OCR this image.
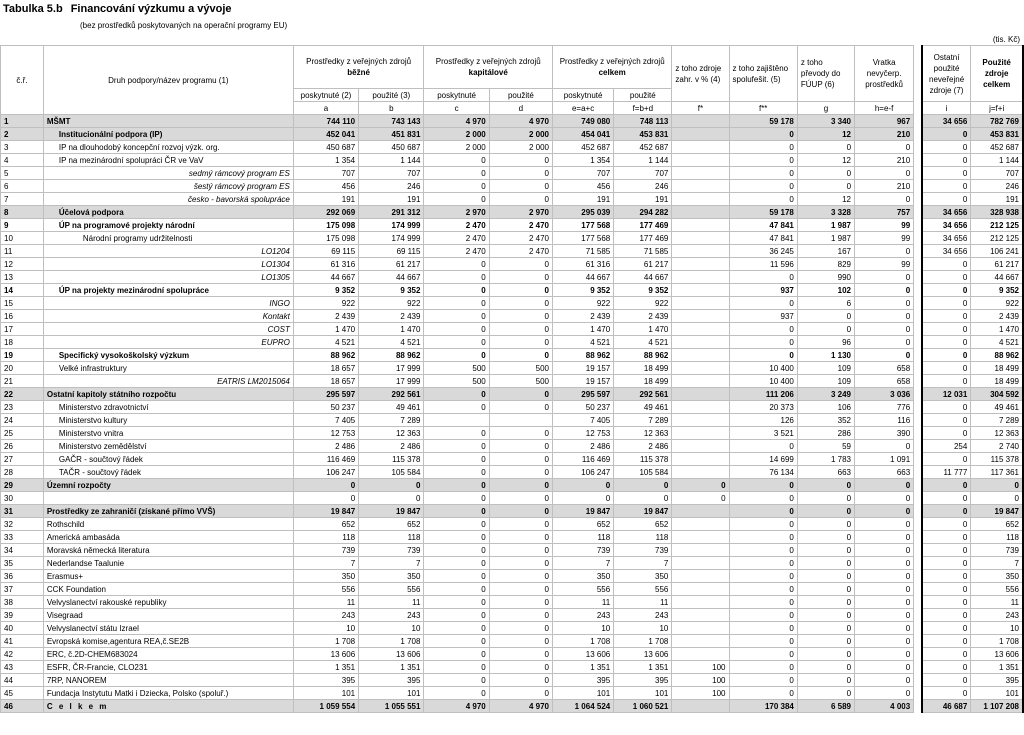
Tabulka 5.b Financování výzkumu a vývoje
(bez prostředků poskytovaných na operační programy EU)
(tis. Kč)
č.ř.	Druh podpory/název programu (1)	Prostředky z veřejných zdrojů
běžné		Prostředky z veřejných zdrojů
kapitálové		Prostředky z veřejných zdrojů
celkem		z toho zdroje zahr. v % (4)	z toho zajištěno spolufešit. (5)	z toho převody do FÚUP (6)	Vratka nevyčerp. prostředků		Ostatní použité neveřejné zdroje (7)	Použité zdroje celkem
		poskytnuté (2)	použité (3)	poskytnuté	použité	poskytnuté	použité							
		a	b	c	d	e=a+c	f=b+d	f*	f**	g	h=e-f		i	j=f+i
1	MŠMT	744 110	743 143	4 970	4 970	749 080	748 113		59 178	3 340	967		34 656	782 769
2	Institucionální podpora (IP)	452 041	451 831	2 000	2 000	454 041	453 831		0	12	210		0	453 831
3	IP na dlouhodobý koncepční rozvoj výzk. org.	450 687	450 687	2 000	2 000	452 687	452 687		0	0	0		0	452 687
4	IP na mezinárodní spolupráci ČR ve VaV	1 354	1 144	0	0	1 354	1 144		0	12	210		0	1 144
5	sedmý rámcový program ES	707	707	0	0	707	707		0	0	0		0	707
6	šestý rámcový program ES	456	246	0	0	456	246		0	0	210		0	246
7	česko - bavorská spolupráce	191	191	0	0	191	191		0	12	0		0	191
8	Účelová podpora	292 069	291 312	2 970	2 970	295 039	294 282		59 178	3 328	757		34 656	328 938
9	ÚP na programové projekty národní	175 098	174 999	2 470	2 470	177 568	177 469		47 841	1 987	99		34 656	212 125
10	Národní programy udržitelnosti	175 098	174 999	2 470	2 470	177 568	177 469		47 841	1 987	99		34 656	212 125
11	LO1204	69 115	69 115	2 470	2 470	71 585	71 585		36 245	167	0		34 656	106 241
12	LO1304	61 316	61 217	0	0	61 316	61 217		11 596	829	99		0	61 217
13	LO1305	44 667	44 667	0	0	44 667	44 667		0	990	0		0	44 667
14	ÚP na projekty mezinárodní spolupráce	9 352	9 352	0	0	9 352	9 352		937	102	0		0	9 352
15	INGO	922	922	0	0	922	922		0	6	0		0	922
16	Kontakt	2 439	2 439	0	0	2 439	2 439		937	0	0		0	2 439
17	COST	1 470	1 470	0	0	1 470	1 470		0	0	0		0	1 470
18	EUPRO	4 521	4 521	0	0	4 521	4 521		0	96	0		0	4 521
19	Specifický vysokoškolský výzkum	88 962	88 962	0	0	88 962	88 962		0	1 130	0		0	88 962
20	Velké infrastruktury	18 657	17 999	500	500	19 157	18 499		10 400	109	658		0	18 499
21	EATRIS LM2015064	18 657	17 999	500	500	19 157	18 499		10 400	109	658		0	18 499
22	Ostatní kapitoly státního rozpočtu	295 597	292 561	0	0	295 597	292 561		111 206	3 249	3 036		12 031	304 592
23	Ministerstvo zdravotnictví	50 237	49 461	0	0	50 237	49 461		20 373	106	776		0	49 461
24	Ministerstvo kultury	7 405	7 289			7 405	7 289		126	352	116		0	7 289
25	Ministerstvo vnitra	12 753	12 363	0	0	12 753	12 363		3 521	286	390		0	12 363
26	Ministerstvo zemědělství	2 486	2 486	0	0	2 486	2 486		0	59	0		254	2 740
27	GAČR - součtový řádek	116 469	115 378	0	0	116 469	115 378		14 699	1 783	1 091		0	115 378
28	TAČR - součtový řádek	106 247	105 584	0	0	106 247	105 584		76 134	663	663		11 777	117 361
29	Územní rozpočty	0	0	0	0	0	0	0	0	0	0		0	0
30		0	0	0	0	0	0	0	0	0	0		0	0
31	Prostředky ze zahraničí (získané přímo VVŠ)	19 847	19 847	0	0	19 847	19 847		0	0	0		0	19 847
32	Rothschild	652	652	0	0	652	652		0	0	0		0	652
33	Americká ambasáda	118	118	0	0	118	118		0	0	0		0	118
34	Moravská německá literatura	739	739	0	0	739	739		0	0	0		0	739
35	Nederlandse Taalunie	7	7	0	0	7	7		0	0	0		0	7
36	Erasmus+	350	350	0	0	350	350		0	0	0		0	350
37	CCK Foundation	556	556	0	0	556	556		0	0	0		0	556
38	Velvyslanectví rakouské republiky	11	11	0	0	11	11		0	0	0		0	11
39	Visegraad	243	243	0	0	243	243		0	0	0		0	243
40	Velvyslanectví státu Izrael	10	10	0	0	10	10		0	0	0		0	10
41	Evropská komise,agentura REA,č.SE2B	1 708	1 708	0	0	1 708	1 708		0	0	0		0	1 708
42	ERC, č.2D-CHEM683024	13 606	13 606	0	0	13 606	13 606		0	0	0		0	13 606
43	ESFR, ČR-Francie, CLO231	1 351	1 351	0	0	1 351	1 351	100	0	0	0		0	1 351
44	7RP, NANOREM	395	395	0	0	395	395	100	0	0	0		0	395
45	Fundacja Instytutu Matki i Dziecka, Polsko (spoluř.)	101	101	0	0	101	101	100	0	0	0		0	101
46	C e l k e m	1 059 554	1 055 551	4 970	4 970	1 064 524	1 060 521		170 384	6 589	4 003		46 687	1 107 208
